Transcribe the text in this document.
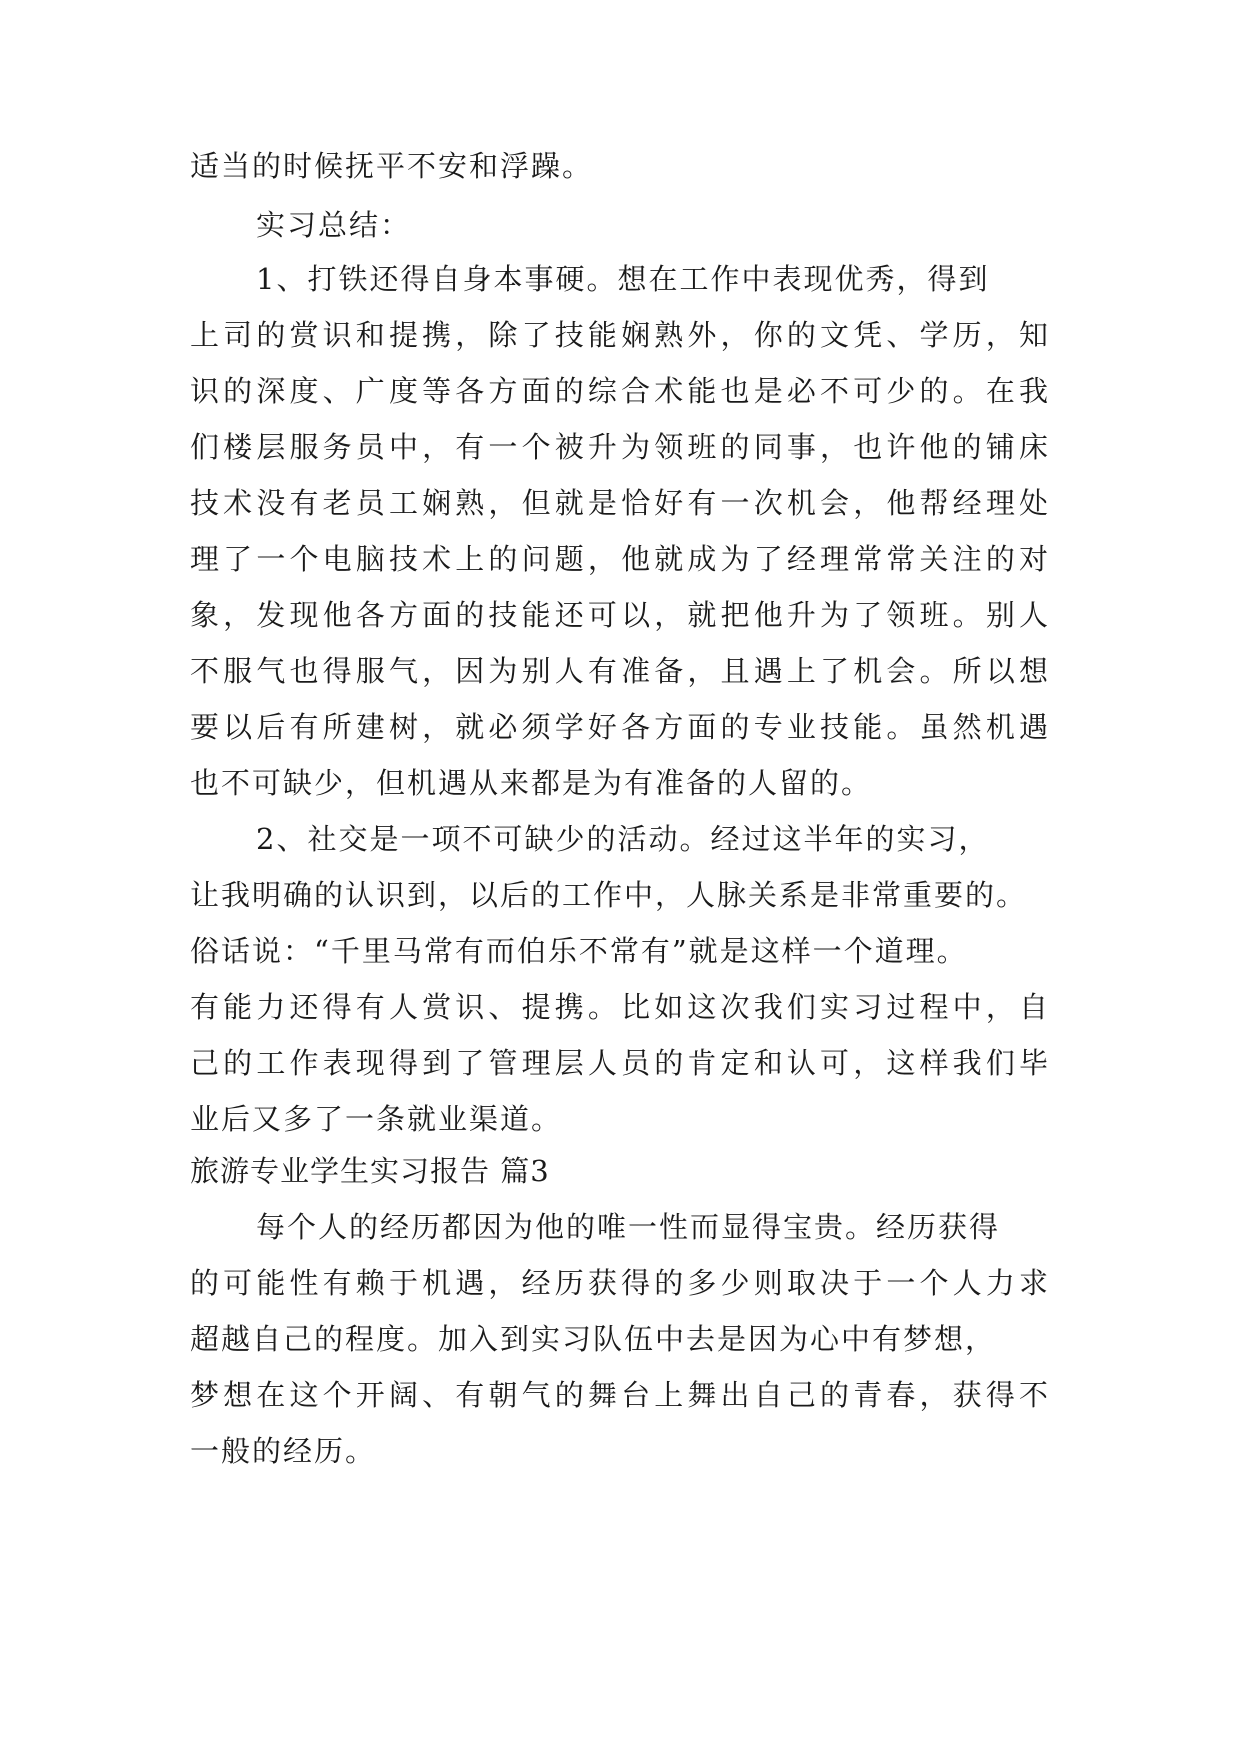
适当的时候抚平不安和浮躁。
实习总结：
1、打铁还得自身本事硬。想在工作中表现优秀，得到
上司的赏识和提携，除了技能娴熟外，你的文凭、学历，知
识的深度、广度等各方面的综合术能也是必不可少的。在我
们楼层服务员中，有一个被升为领班的同事，也许他的铺床
技术没有老员工娴熟，但就是恰好有一次机会，他帮经理处
理了一个电脑技术上的问题，他就成为了经理常常关注的对
象，发现他各方面的技能还可以，就把他升为了领班。别人
不服气也得服气，因为别人有准备，且遇上了机会。所以想
要以后有所建树，就必须学好各方面的专业技能。虽然机遇
也不可缺少，但机遇从来都是为有准备的人留的。
2、社交是一项不可缺少的活动。经过这半年的实习，
让我明确的认识到，以后的工作中，人脉关系是非常重要的。
俗话说：“千里马常有而伯乐不常有”就是这样一个道理。
有能力还得有人赏识、提携。比如这次我们实习过程中，自
己的工作表现得到了管理层人员的肯定和认可，这样我们毕
业后又多了一条就业渠道。
旅游专业学生实习报告 篇3
每个人的经历都因为他的唯一性而显得宝贵。经历获得
的可能性有赖于机遇，经历获得的多少则取决于一个人力求
超越自己的程度。加入到实习队伍中去是因为心中有梦想，
梦想在这个开阔、有朝气的舞台上舞出自己的青春，获得不
一般的经历。
